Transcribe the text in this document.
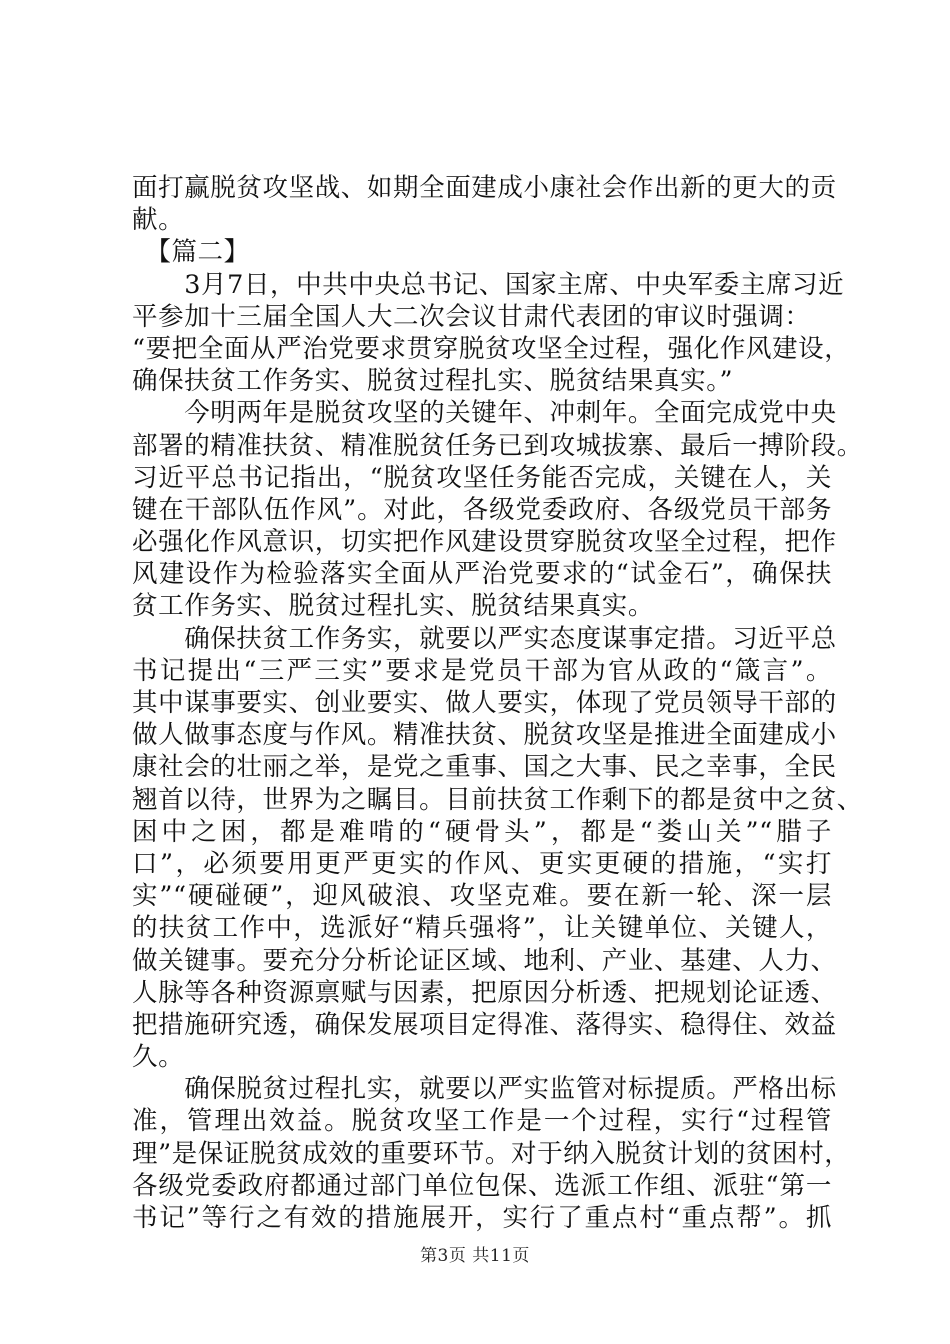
面打赢脱贫攻坚战、如期全面建成小康社会作出新的更大的贡
献。
　【篇二】
　　3月7日，中共中央总书记、国家主席、中央军委主席习近
平参加十三届全国人大二次会议甘肃代表团的审议时强调：
“要把全面从严治党要求贯穿脱贫攻坚全过程，强化作风建设，
确保扶贫工作务实、脱贫过程扎实、脱贫结果真实。”
　　今明两年是脱贫攻坚的关键年、冲刺年。全面完成党中央
部署的精准扶贫、精准脱贫任务已到攻城拔寨、最后一搏阶段。
习近平总书记指出，“脱贫攻坚任务能否完成，关键在人，关
键在干部队伍作风”。对此，各级党委政府、各级党员干部务
必强化作风意识，切实把作风建设贯穿脱贫攻坚全过程，把作
风建设作为检验落实全面从严治党要求的“试金石”，确保扶
贫工作务实、脱贫过程扎实、脱贫结果真实。
　　确保扶贫工作务实，就要以严实态度谋事定措。习近平总
书记提出“三严三实”要求是党员干部为官从政的“箴言”。
其中谋事要实、创业要实、做人要实，体现了党员领导干部的
做人做事态度与作风。精准扶贫、脱贫攻坚是推进全面建成小
康社会的壮丽之举，是党之重事、国之大事、民之幸事，全民
翘首以待，世界为之瞩目。目前扶贫工作剩下的都是贫中之贫、
困中之困，都是难啃的“硬骨头”，都是“娄山关”“腊子
口”，必须要用更严更实的作风、更实更硬的措施，“实打
实”“硬碰硬”，迎风破浪、攻坚克难。要在新一轮、深一层
的扶贫工作中，选派好“精兵强将”，让关键单位、关键人，
做关键事。要充分分析论证区域、地利、产业、基建、人力、
人脉等各种资源禀赋与因素，把原因分析透、把规划论证透、
把措施研究透，确保发展项目定得准、落得实、稳得住、效益
久。
　　确保脱贫过程扎实，就要以严实监管对标提质。严格出标
准，管理出效益。脱贫攻坚工作是一个过程，实行“过程管
理”是保证脱贫成效的重要环节。对于纳入脱贫计划的贫困村，
各级党委政府都通过部门单位包保、选派工作组、派驻“第一
书记”等行之有效的措施展开，实行了重点村“重点帮”。抓
第3页 共11页
